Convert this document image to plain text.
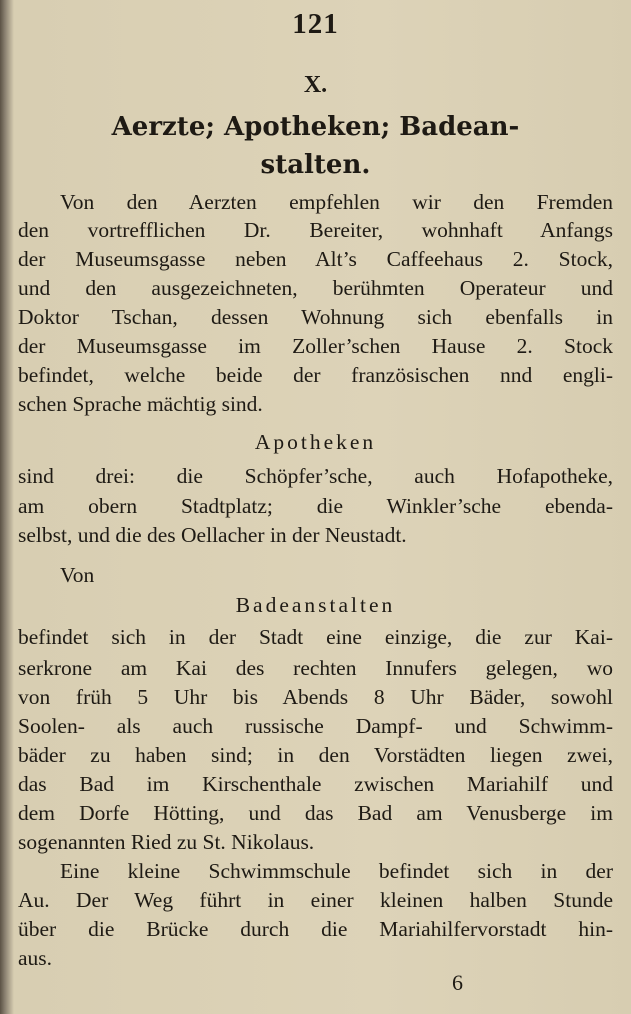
121
X.
Aerzte; Apotheken; Badean-
stalten.
Von den Aerzten empfehlen wir den Fremden
den vortrefflichen Dr. Bereiter, wohnhaft Anfangs
der Museumsgasse neben Alt’s Caffeehaus 2. Stock,
und den ausgezeichneten, berühmten Operateur und
Doktor Tschan, dessen Wohnung sich ebenfalls in
der Museumsgasse im Zoller’schen Hause 2. Stock
befindet, welche beide der französischen nnd engli-
schen Sprache mächtig sind.
Apotheken
sind drei: die Schöpfer’sche, auch Hofapotheke,
am obern Stadtplatz; die Winkler’sche ebenda-
selbst, und die des Oellacher in der Neustadt.
Von
Badeanstalten
befindet sich in der Stadt eine einzige, die zur Kai-
serkrone am Kai des rechten Innufers gelegen, wo
von früh 5 Uhr bis Abends 8 Uhr Bäder, sowohl
Soolen- als auch russische Dampf- und Schwimm-
bäder zu haben sind; in den Vorstädten liegen zwei,
das Bad im Kirschenthale zwischen Mariahilf und
dem Dorfe Hötting, und das Bad am Venusberge im
sogenannten Ried zu St. Nikolaus.
Eine kleine Schwimmschule befindet sich in der
Au. Der Weg führt in einer kleinen halben Stunde
über die Brücke durch die Mariahilfervorstadt hin-
aus.
6
